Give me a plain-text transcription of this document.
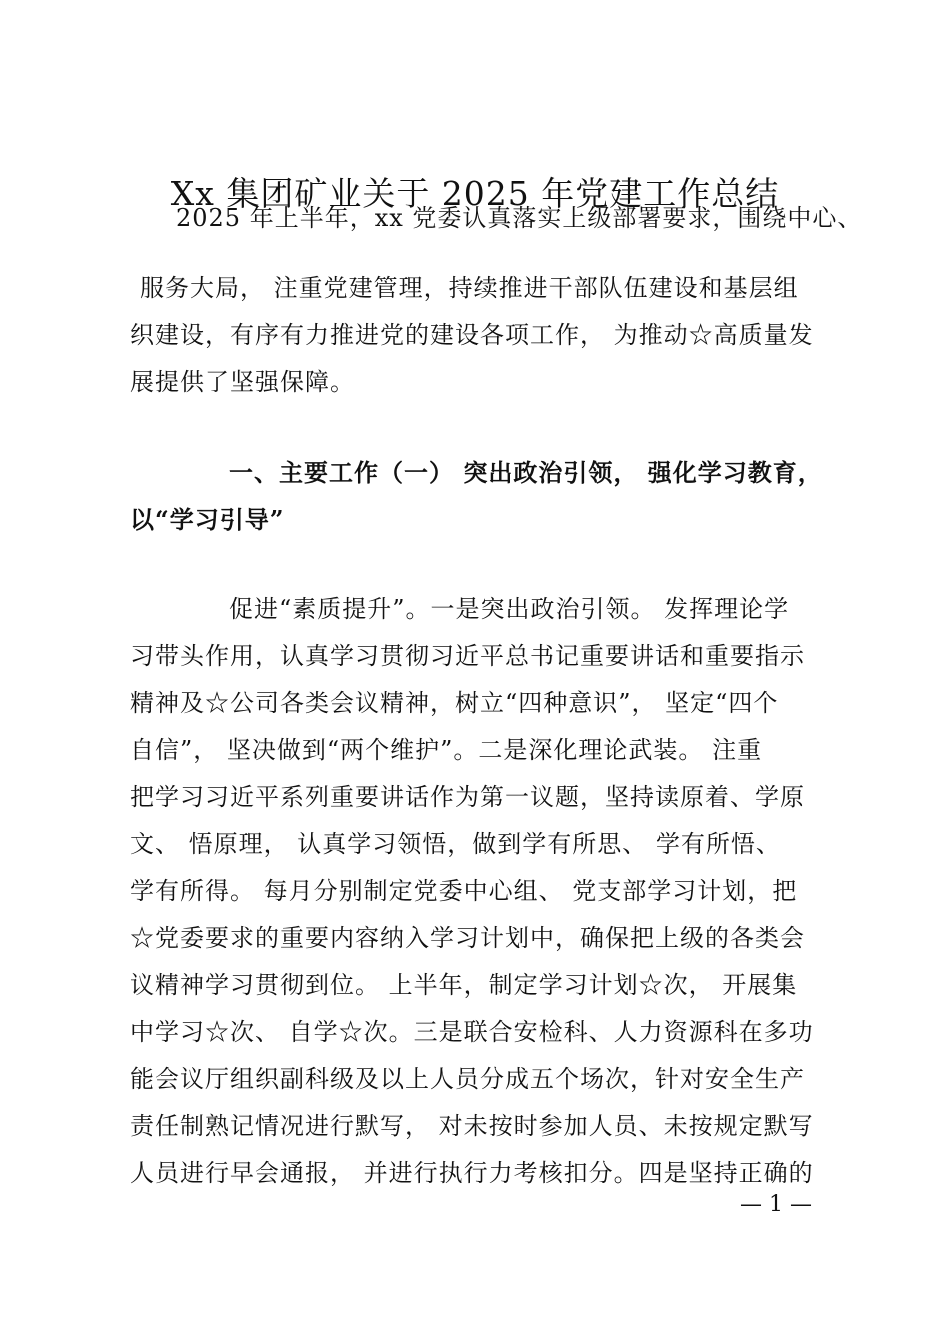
Xx 集团矿业关于 2025 年党建工作总结
2025 年上半年，xx 党委认真落实上级部署要求，围绕中心、
服务大局， 注重党建管理，持续推进干部队伍建设和基层组
织建设，有序有力推进党的建设各项工作， 为推动☆高质量发
展提供了坚强保障。
一、主要工作（一） 突出政治引领， 强化学习教育，
以“学习引导”
促进“素质提升”。一是突出政治引领。 发挥理论学
习带头作用，认真学习贯彻习近平总书记重要讲话和重要指示
精神及☆公司各类会议精神，树立“四种意识”， 坚定“四个
自信”， 坚决做到“两个维护”。二是深化理论武装。 注重
把学习习近平系列重要讲话作为第一议题，坚持读原着、学原
文、 悟原理， 认真学习领悟，做到学有所思、 学有所悟、
学有所得。 每月分别制定党委中心组、 党支部学习计划，把
☆党委要求的重要内容纳入学习计划中，确保把上级的各类会
议精神学习贯彻到位。 上半年，制定学习计划☆次， 开展集
中学习☆次、 自学☆次。三是联合安检科、人力资源科在多功
能会议厅组织副科级及以上人员分成五个场次，针对安全生产
责任制熟记情况进行默写， 对未按时参加人员、未按规定默写
人员进行早会通报， 并进行执行力考核扣分。四是坚持正确的
— 1 —
